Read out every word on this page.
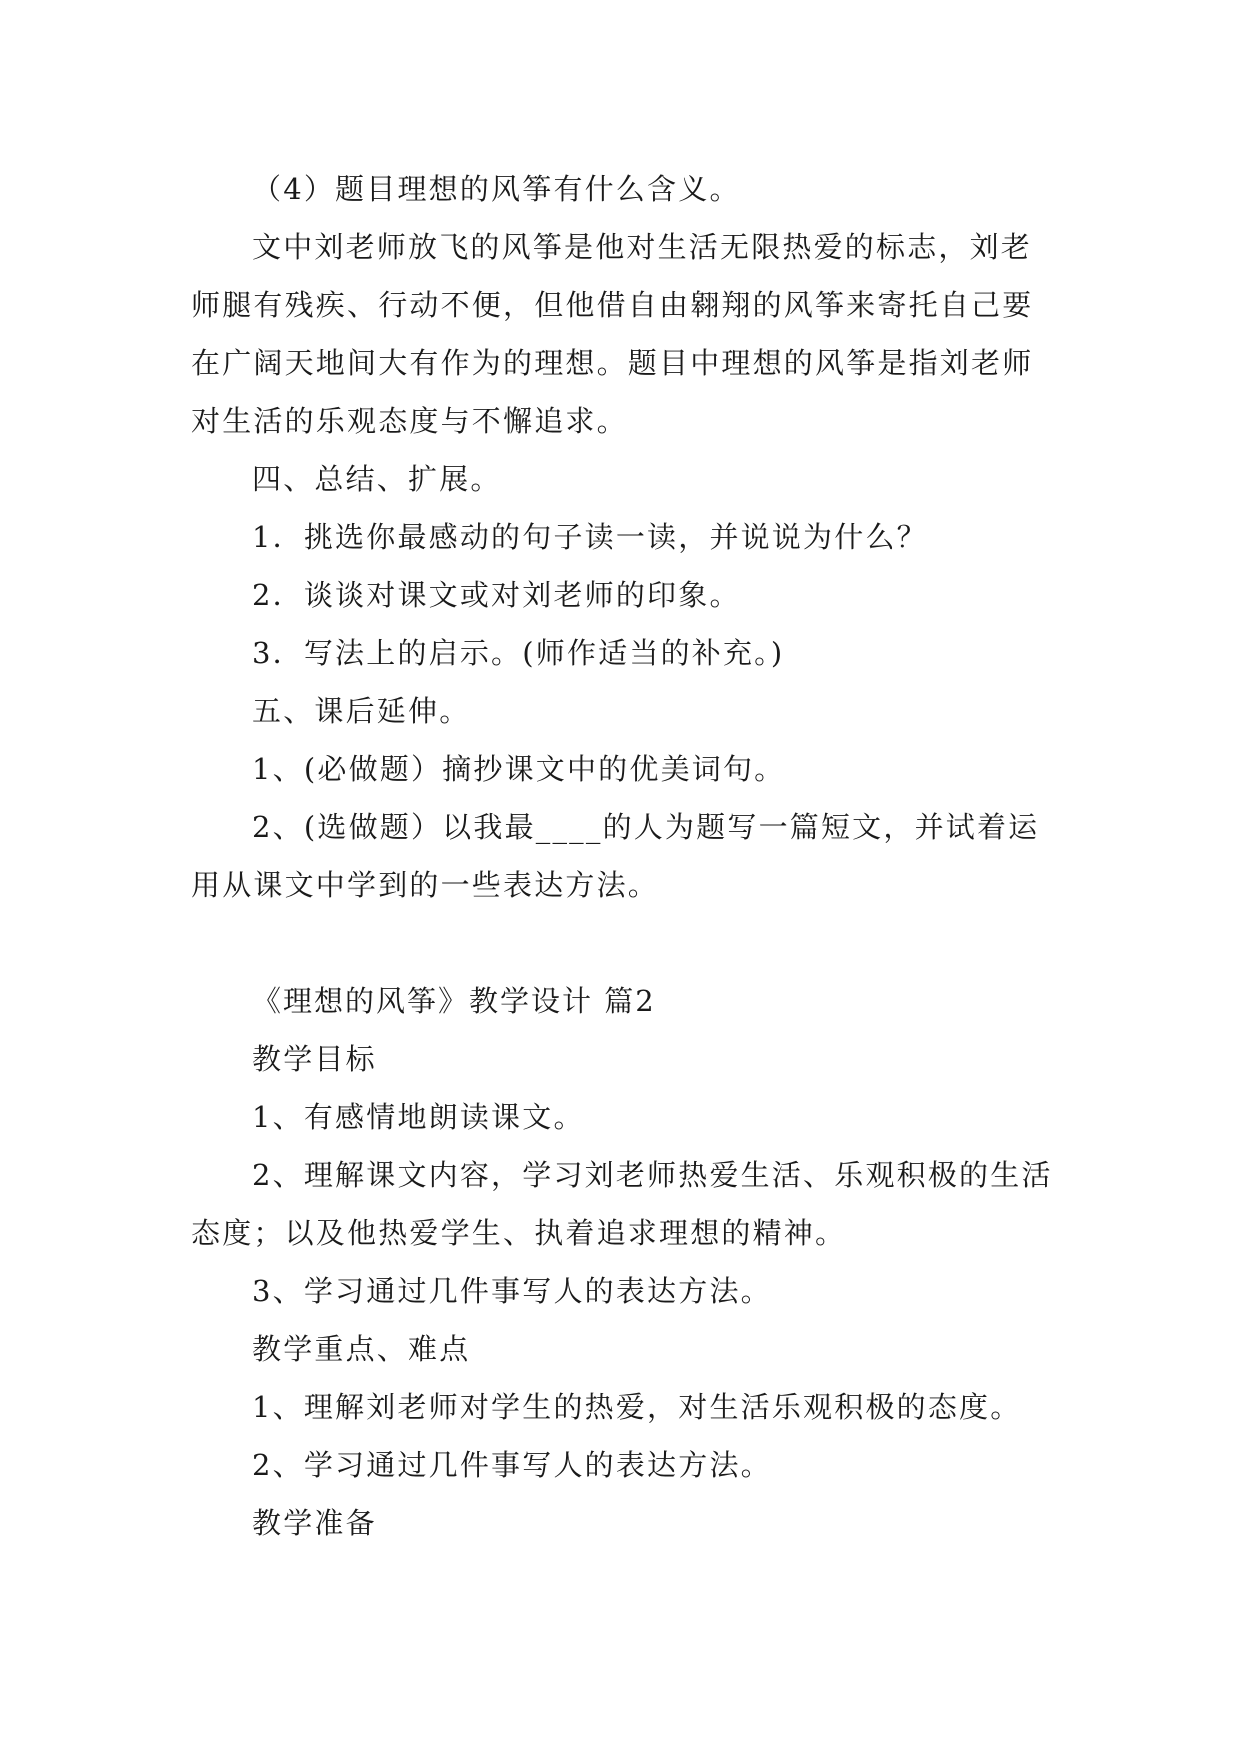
（4）题目理想的风筝有什么含义。

文中刘老师放飞的风筝是他对生活无限热爱的标志，刘老师腿有残疾、行动不便，但他借自由翱翔的风筝来寄托自己要在广阔天地间大有作为的理想。题目中理想的风筝是指刘老师对生活的乐观态度与不懈追求。

四、总结、扩展。

1．挑选你最感动的句子读一读，并说说为什么？

2．谈谈对课文或对刘老师的印象。

3．写法上的启示。(师作适当的补充。)

五、课后延伸。

1、(必做题）摘抄课文中的优美词句。

2、(选做题）以我最____的人为题写一篇短文，并试着运用从课文中学到的一些表达方法。

《理想的风筝》教学设计 篇2

教学目标

1、有感情地朗读课文。

2、理解课文内容，学习刘老师热爱生活、乐观积极的生活态度；以及他热爱学生、执着追求理想的精神。

3、学习通过几件事写人的表达方法。

教学重点、难点

1、理解刘老师对学生的热爱，对生活乐观积极的态度。

2、学习通过几件事写人的表达方法。

教学准备
